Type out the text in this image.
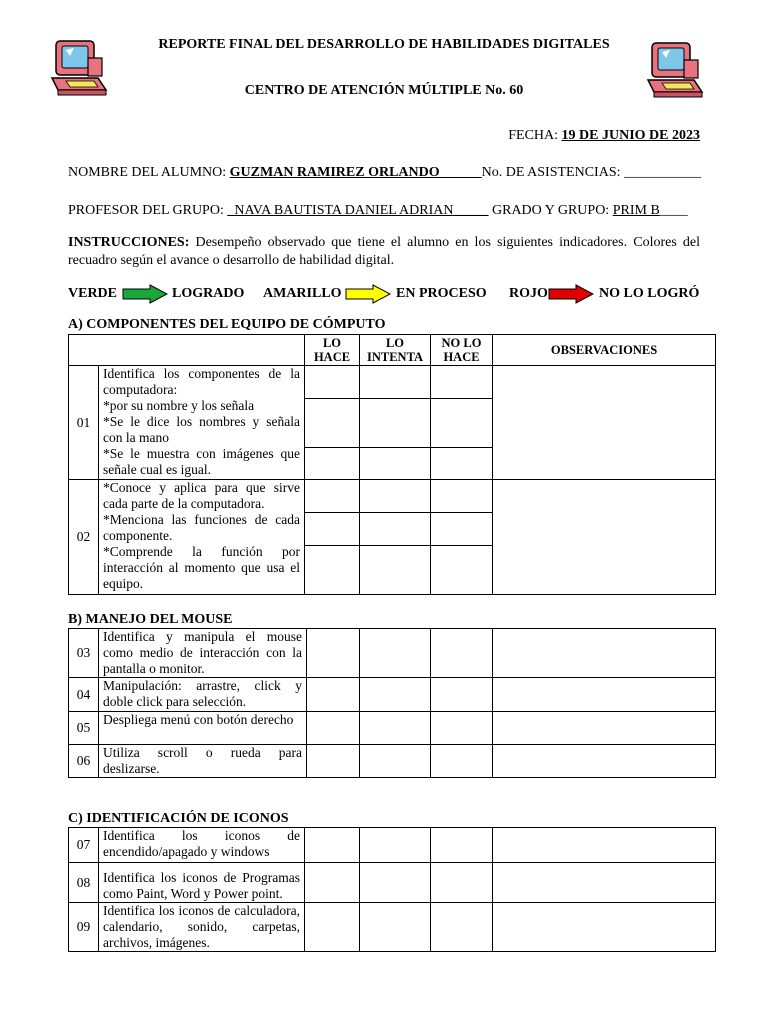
REPORTE FINAL DEL DESARROLLO DE HABILIDADES DIGITALES
CENTRO DE ATENCIÓN MÚLTIPLE No. 60
FECHA: 19 DE JUNIO DE 2023
NOMBRE DEL ALUMNO: GUZMAN RAMIREZ ORLANDO______No. DE ASISTENCIAS: ___________
PROFESOR DEL GRUPO: _NAVA BAUTISTA DANIEL ADRIAN_____ GRADO Y GRUPO: PRIM B____
INSTRUCCIONES: Desempeño observado que tiene el alumno en los siguientes indicadores. Colores del recuadro según el avance o desarrollo de habilidad digital.
VERDE	LOGRADO AMARILLO	EN PROCESO ROJO	NO LO LOGRÓ
A) COMPONENTES DEL EQUIPO DE CÓMPUTO
		LO HACE	LO INTENTA	NO LO HACE	OBSERVACIONES
01	Identifica los componentes de la computadora:
*por su nombre y los señala
*Se le dice los nombres y señala con la mano
*Se le muestra con imágenes que señale cual es igual.				

02	*Conoce y aplica para que sirve cada parte de la computadora.
*Menciona las funciones de cada componente.
*Comprende la función por interacción al momento que usa el equipo.				

B) MANEJO DEL MOUSE
03	Identifica y manipula el mouse como medio de interacción con la pantalla o monitor.				
04	Manipulación: arrastre, click y doble click para selección.				
05	Despliega menú con botón derecho				
06	Utiliza scroll o rueda para deslizarse.				
C) IDENTIFICACIÓN DE ICONOS
07	Identifica los iconos de encendido/apagado y windows				
08	Identifica los iconos de Programas como Paint, Word y Power point.				
09	Identifica los iconos de calculadora, calendario, sonido, carpetas, archivos, imágenes.				
